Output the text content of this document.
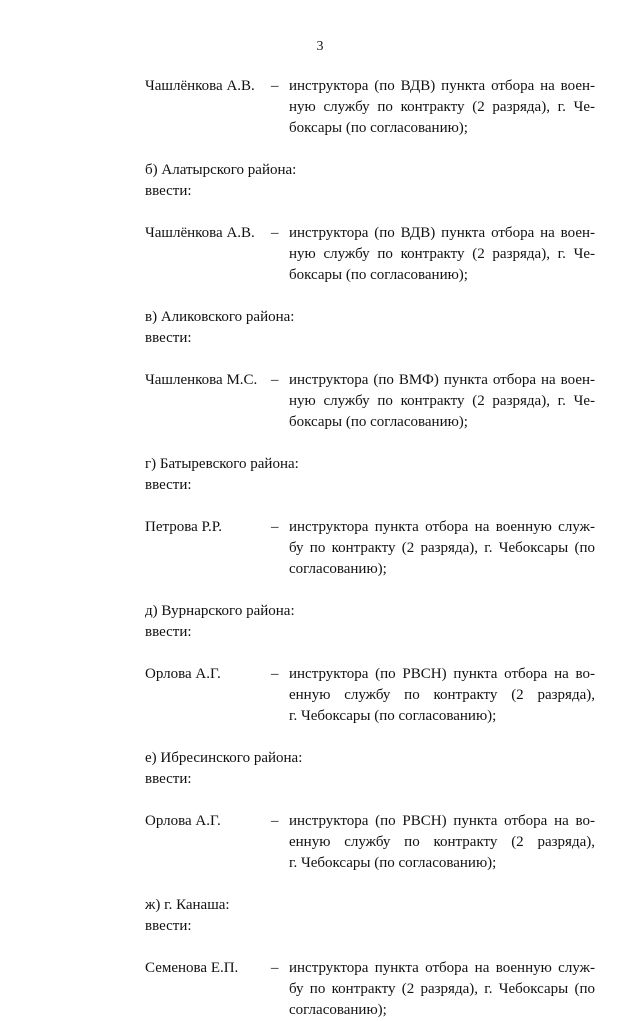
3
Чашлёнкова А.В.	– инструктора (по ВДВ) пункта отбора на воен-
ную службу по контракту (2 разряда), г. Че-
боксары (по согласованию);
б) Алатырского района:
ввести:
Чашлёнкова А.В.	– инструктора (по ВДВ) пункта отбора на воен-
ную службу по контракту (2 разряда), г. Че-
боксары (по согласованию);
в) Аликовского района:
ввести:
Чашленкова М.С. – инструктора (по ВМФ) пункта отбора на воен-
ную службу по контракту (2 разряда), г. Че-
боксары (по согласованию);
г) Батыревского района:
ввести:
Петрова Р.Р.	– инструктора пункта отбора на военную служ-
бу по контракту (2 разряда), г. Чебоксары (по
согласованию);
д) Вурнарского района:
ввести:
Орлова А.Г.	– инструктора (по РВСН) пункта отбора на во-
енную службу по контракту (2 разряда),
г. Чебоксары (по согласованию);
е) Ибресинского района:
ввести:
Орлова А.Г.	– инструктора (по РВСН) пункта отбора на во-
енную службу по контракту (2 разряда),
г. Чебоксары (по согласованию);
ж) г. Канаша:
ввести:
Семенова Е.П.	– инструктора пункта отбора на военную служ-
бу по контракту (2 разряда), г. Чебоксары (по
согласованию);
